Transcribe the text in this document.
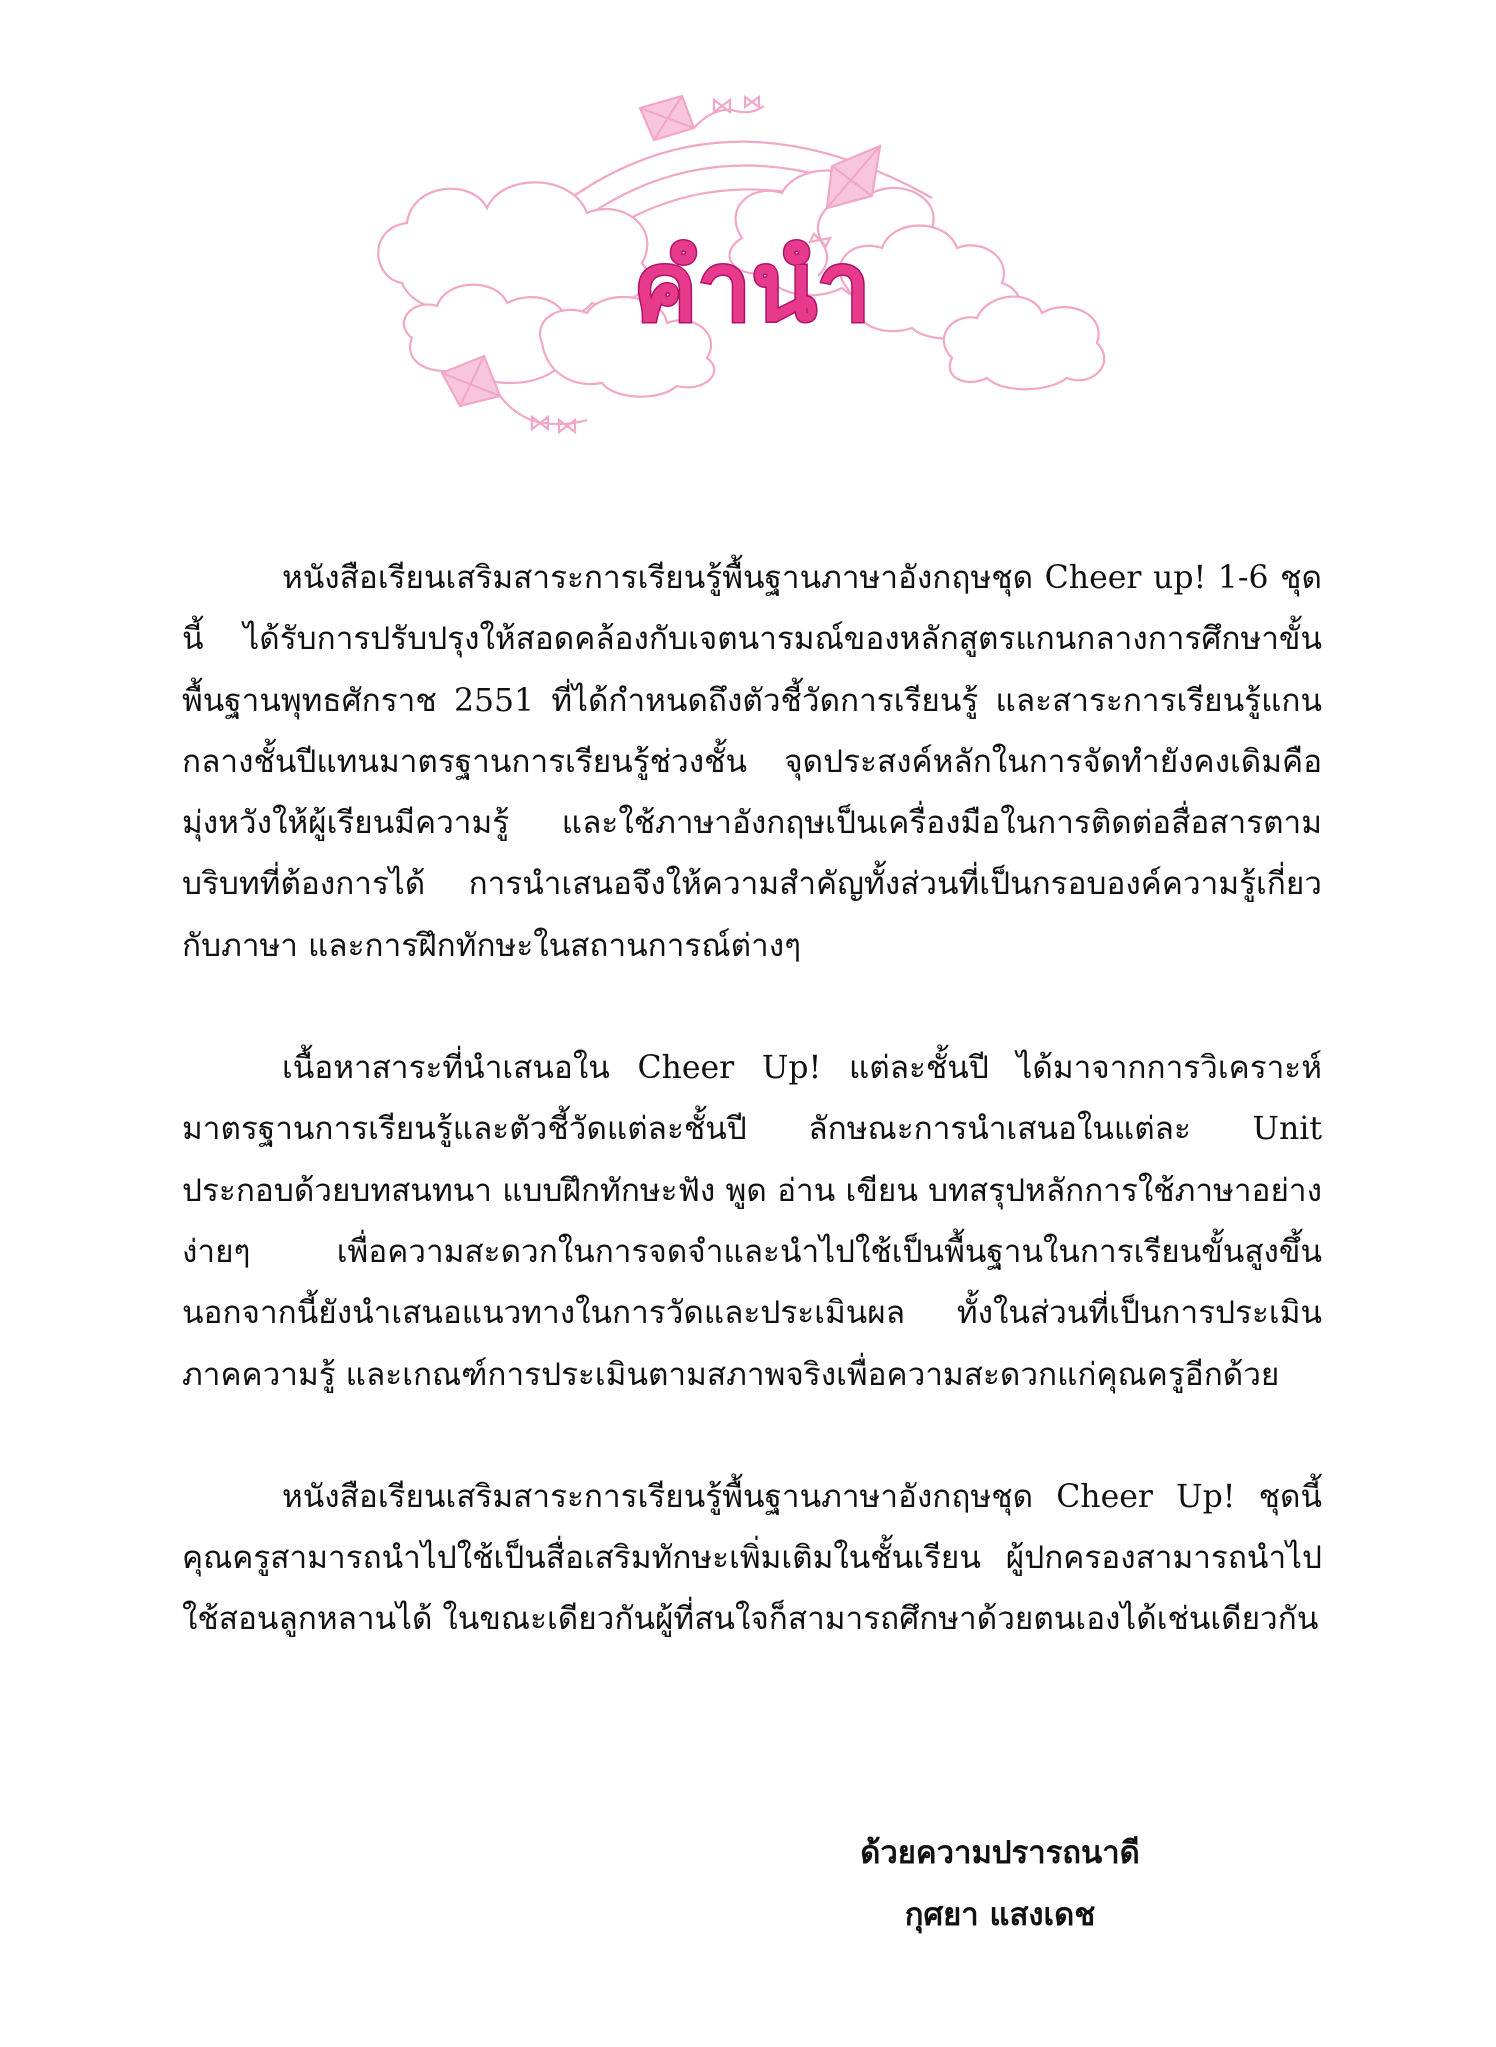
คำนำ

หนังสือเรียนเสริมสาระการเรียนรู้พื้นฐานภาษาอังกฤษชุด Cheer up! 1-6 ชุดนี้ ได้รับการปรับปรุงให้สอดคล้องกับเจตนารมณ์ของหลักสูตรแกนกลางการศึกษาขั้นพื้นฐานพุทธศักราช 2551 ที่ได้กำหนดถึงตัวชี้วัดการเรียนรู้ และสาระการเรียนรู้แกนกลางชั้นปีแทนมาตรฐานการเรียนรู้ช่วงชั้น จุดประสงค์หลักในการจัดทำยังคงเดิมคือ มุ่งหวังให้ผู้เรียนมีความรู้ และใช้ภาษาอังกฤษเป็นเครื่องมือในการติดต่อสื่อสารตามบริบทที่ต้องการได้ การนำเสนอจึงให้ความสำคัญทั้งส่วนที่เป็นกรอบองค์ความรู้เกี่ยวกับภาษา และการฝึกทักษะในสถานการณ์ต่างๆ

เนื้อหาสาระที่นำเสนอใน Cheer Up! แต่ละชั้นปี ได้มาจากการวิเคราะห์มาตรฐานการเรียนรู้และตัวชี้วัดแต่ละชั้นปี ลักษณะการนำเสนอในแต่ละ Unit ประกอบด้วยบทสนทนา แบบฝึกทักษะฟัง พูด อ่าน เขียน บทสรุปหลักการใช้ภาษาอย่างง่ายๆ เพื่อความสะดวกในการจดจำและนำไปใช้เป็นพื้นฐานในการเรียนขั้นสูงขึ้น นอกจากนี้ยังนำเสนอแนวทางในการวัดและประเมินผล ทั้งในส่วนที่เป็นการประเมินภาคความรู้ และเกณฑ์การประเมินตามสภาพจริงเพื่อความสะดวกแก่คุณครูอีกด้วย

หนังสือเรียนเสริมสาระการเรียนรู้พื้นฐานภาษาอังกฤษชุด Cheer Up! ชุดนี้ คุณครูสามารถนำไปใช้เป็นสื่อเสริมทักษะเพิ่มเติมในชั้นเรียน ผู้ปกครองสามารถนำไปใช้สอนลูกหลานได้ ในขณะเดียวกันผู้ที่สนใจก็สามารถศึกษาด้วยตนเองได้เช่นเดียวกัน

ด้วยความปรารถนาดี
กุศยา แสงเดช
